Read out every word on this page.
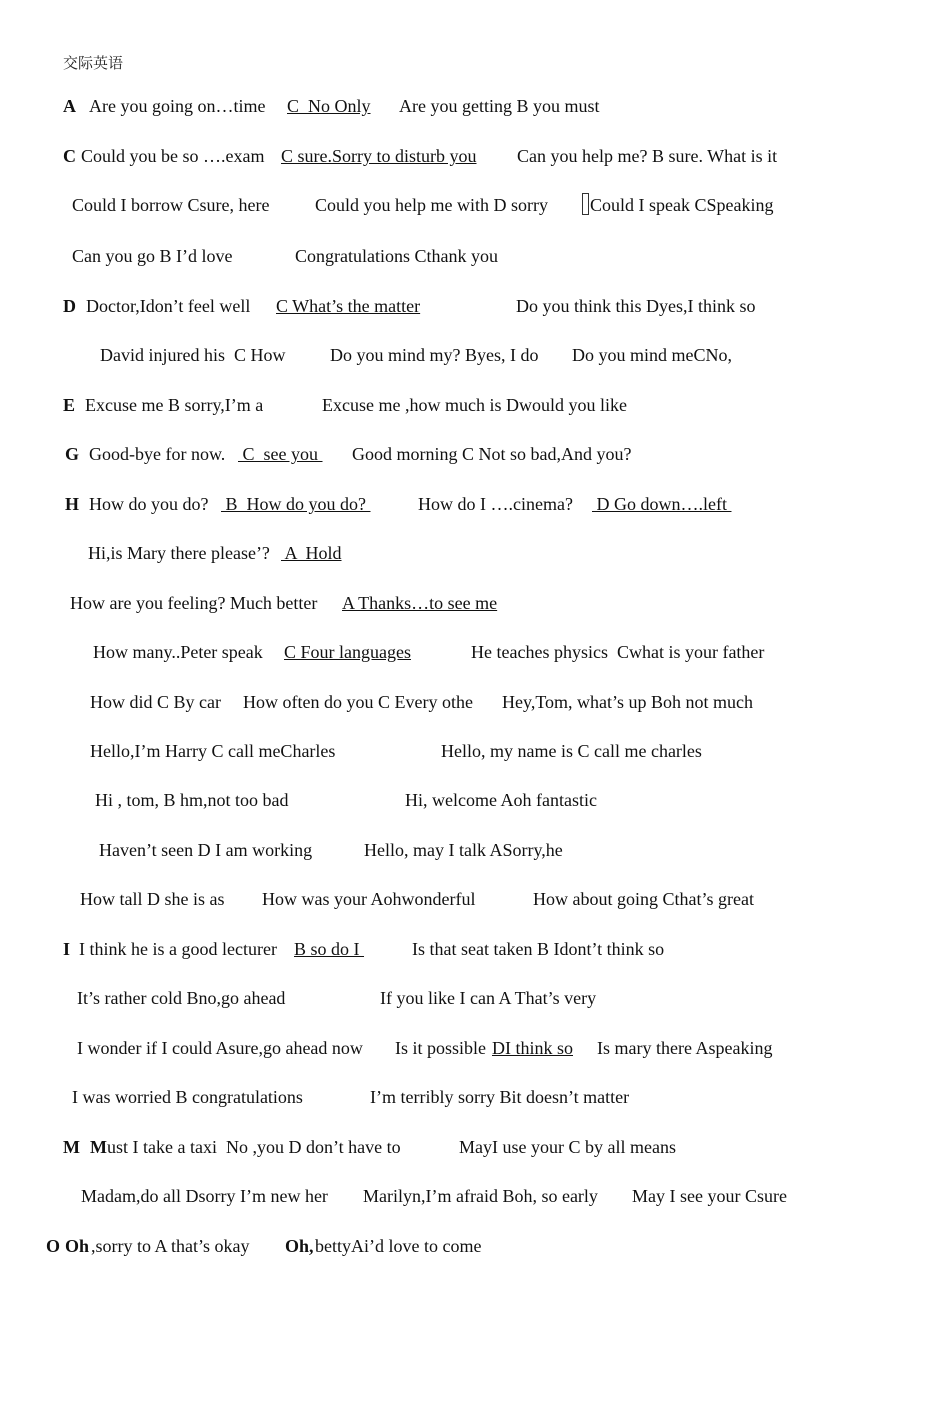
交际英语

A

Are you going on…time

C  No Only

Are you getting B you must

C

Could you be so ….exam

C sure.Sorry to disturb you

Can you help me? B sure. What is it

Could I borrow Csure, here

	Could you help me with D sorry

	Could I speak CSpeaking

Can you go B I’d love

	Congratulations Cthank you

D

Doctor,Idon’t feel well

C What’s the matter

	Do you think this Dyes,I think so

David injured his  C How

Do you mind my? Byes, I do

Do you mind meCNo,

E

Excuse me B sorry,I’m a

	Excuse me ,how much is Dwould you like

G

Good-bye for now.

C  see you

Good morning C Not so bad,And you?

H

How do you do?

B  How do you do?

	How do I ….cinema?

D Go down….left

Hi,is Mary there please’?

A  Hold

How are you feeling? Much better

A Thanks…to see me

How many..Peter speak

C Four languages

	He teaches physics  Cwhat is your father

How did C By car

How often do you C Every othe

Hey,Tom, what’s up Boh not much

Hello,I’m Harry C call meCharles

	Hello, my name is C call me charles

Hi , tom, B hm,not too bad

	Hi, welcome Aoh fantastic

Haven’t seen D I am working

	Hello, may I talk ASorry,he

How tall D she is as

How was your Aohwonderful

	How about going Cthat’s great

I

I think he is a good lecturer

B so do I

	Is that seat taken B Idont’t think so

It’s rather cold Bno,go ahead

	If you like I can A That’s very

I wonder if I could Asure,go ahead now

Is it possible

DI think so

Is mary there Aspeaking

I was worried B congratulations

	I’m terribly sorry Bit doesn’t matter

M

M

ust I take a taxi  No ,you D don’t have to

	MayI use your C by all means

Madam,do all Dsorry I’m new her

Marilyn,I’m afraid Boh, so early

May I see your Csure

O

Oh

,sorry to A that’s okay

Oh,

bettyAi’d love to come
